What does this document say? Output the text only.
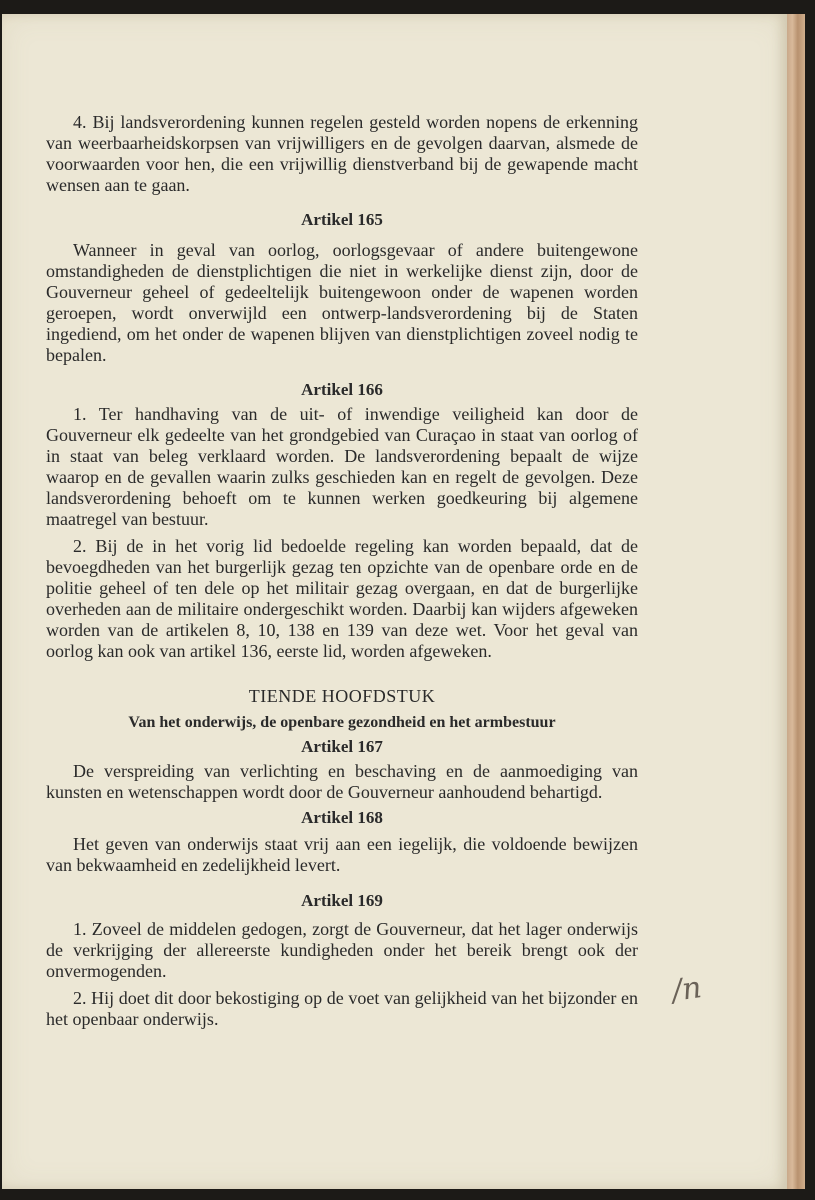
4. Bij landsverordening kunnen regelen gesteld worden nopens de erkenning van weerbaarheidskorpsen van vrijwilligers en de gevolgen daarvan, alsmede de voorwaarden voor hen, die een vrijwillig dienstverband bij de gewapende macht wensen aan te gaan.

Artikel 165

Wanneer in geval van oorlog, oorlogsgevaar of andere buitengewone omstandigheden de dienstplichtigen die niet in werkelijke dienst zijn, door de Gouverneur geheel of gedeeltelijk buitengewoon onder de wapenen worden geroepen, wordt onverwijld een ontwerp-landsverordening bij de Staten ingediend, om het onder de wapenen blijven van dienstplichtigen zoveel nodig te bepalen.

Artikel 166

1. Ter handhaving van de uit- of inwendige veiligheid kan door de Gouverneur elk gedeelte van het grondgebied van Curaçao in staat van oorlog of in staat van beleg verklaard worden. De landsverordening bepaalt de wijze waarop en de gevallen waarin zulks geschieden kan en regelt de gevolgen. Deze landsverordening behoeft om te kunnen werken goedkeuring bij algemene maatregel van bestuur.

2. Bij de in het vorig lid bedoelde regeling kan worden bepaald, dat de bevoegdheden van het burgerlijk gezag ten opzichte van de openbare orde en de politie geheel of ten dele op het militair gezag overgaan, en dat de burgerlijke overheden aan de militaire ondergeschikt worden. Daarbij kan wijders afgeweken worden van de artikelen 8, 10, 138 en 139 van deze wet. Voor het geval van oorlog kan ook van artikel 136, eerste lid, worden afgeweken.

TIENDE HOOFDSTUK

Van het onderwijs, de openbare gezondheid en het armbestuur

Artikel 167

De verspreiding van verlichting en beschaving en de aanmoediging van kunsten en wetenschappen wordt door de Gouverneur aanhoudend behartigd.

Artikel 168

Het geven van onderwijs staat vrij aan een iegelijk, die voldoende bewijzen van bekwaamheid en zedelijkheid levert.

Artikel 169

1. Zoveel de middelen gedogen, zorgt de Gouverneur, dat het lager onderwijs de verkrijging der allereerste kundigheden onder het bereik brengt ook der onvermogenden.

2. Hij doet dit door bekostiging op de voet van gelijkheid van het bijzonder en het openbaar onderwijs.

/n
